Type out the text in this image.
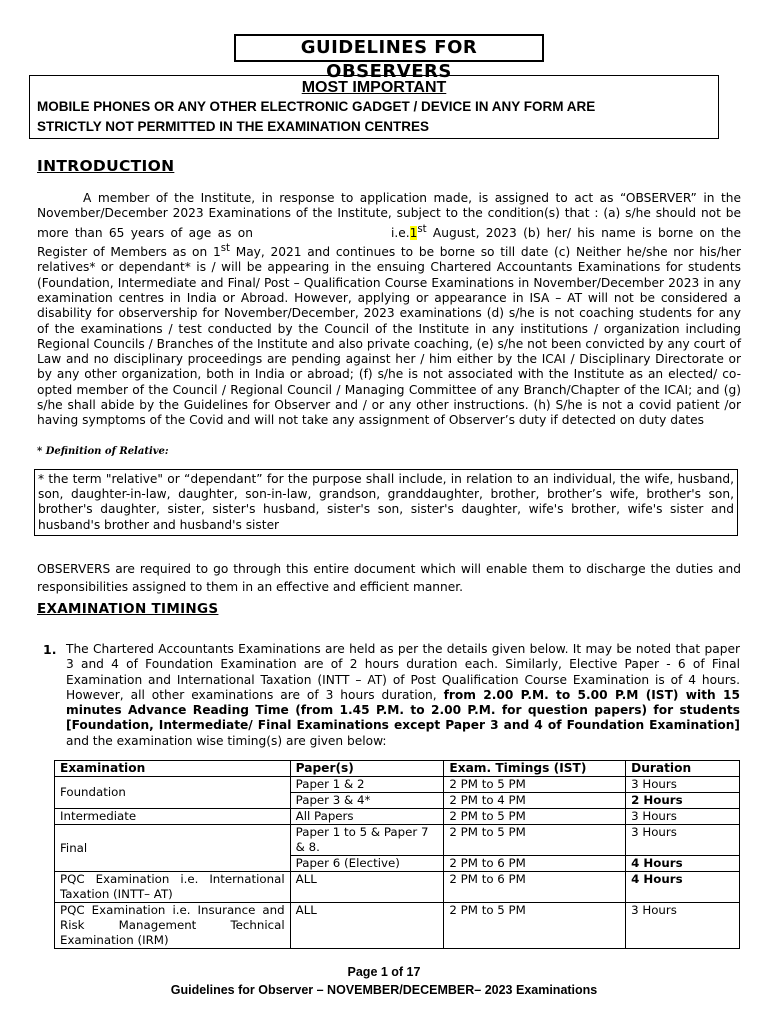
GUIDELINES FOR OBSERVERS
MOST IMPORTANT
MOBILE PHONES OR ANY OTHER ELECTRONIC GADGET / DEVICE IN ANY FORM ARE
STRICTLY NOT PERMITTED IN THE EXAMINATION CENTRES
INTRODUCTION
A member of the Institute, in response to application made, is assigned to act as “OBSERVER” in the November/December 2023 Examinations of the Institute, subject to the condition(s) that : (a) s/he should not be more than 65 years of age as on	i.e.1st August, 2023 (b) her/ his name is borne on the Register of Members as on 1st May, 2021 and continues to be borne so till date (c) Neither he/she nor his/her relatives* or dependant* is / will be appearing in the ensuing Chartered Accountants Examinations for students (Foundation, Intermediate and Final/ Post – Qualification Course Examinations in November/December 2023 in any examination centres in India or Abroad. However, applying or appearance in ISA – AT will not be considered a disability for observership for November/December, 2023 examinations (d) s/he is not coaching students for any of the examinations / test conducted by the Council of the Institute in any institutions / organization including Regional Councils / Branches of the Institute and also private coaching, (e) s/he not been convicted by any court of Law and no disciplinary proceedings are pending against her / him either by the ICAI / Disciplinary Directorate or by any other organization, both in India or abroad; (f) s/he is not associated with the Institute as an elected/ co-opted member of the Council / Regional Council / Managing Committee of any Branch/Chapter of the ICAI; and (g) s/he shall abide by the Guidelines for Observer and / or any other instructions. (h) S/he is not a covid patient /or having symptoms of the Covid and will not take any assignment of Observer’s duty if detected on duty dates
* Definition of Relative:
* the term "relative" or “dependant” for the purpose shall include, in relation to an individual, the wife, husband, son, daughter-in-law, daughter, son-in-law, grandson, granddaughter, brother, brother’s wife, brother's son, brother's daughter, sister, sister's husband, sister's son, sister's daughter, wife's brother, wife's sister and husband's brother and husband's sister
OBSERVERS are required to go through this entire document which will enable them to discharge the duties and responsibilities assigned to them in an effective and efficient manner.
EXAMINATION TIMINGS
1. The Chartered Accountants Examinations are held as per the details given below. It may be noted that paper 3 and 4 of Foundation Examination are of 2 hours duration each. Similarly, Elective Paper - 6 of Final Examination and International Taxation (INTT – AT) of Post Qualification Course Examination is of 4 hours. However, all other examinations are of 3 hours duration, from 2.00 P.M. to 5.00 P.M (IST) with 15 minutes Advance Reading Time (from 1.45 P.M. to 2.00 P.M. for question papers) for students [Foundation, Intermediate/ Final Examinations except Paper 3 and 4 of Foundation Examination] and the examination wise timing(s) are given below:
Examination	Paper(s)	Exam. Timings (IST)	Duration
Foundation	Paper 1 & 2	2 PM to 5 PM	3 Hours
	Paper 3 & 4*	2 PM to 4 PM	2 Hours
Intermediate	All Papers	2 PM to 5 PM	3 Hours
Final	Paper 1 to 5 & Paper 7 & 8.	2 PM to 5 PM	3 Hours
	Paper 6 (Elective)	2 PM to 6 PM	4 Hours
PQC Examination i.e. International Taxation (INTT– AT)	ALL	2 PM to 6 PM	4 Hours
PQC Examination i.e. Insurance and Risk Management Technical Examination (IRM)	ALL	2 PM to 5 PM	3 Hours
Page 1 of 17
Guidelines for Observer – NOVEMBER/DECEMBER– 2023 Examinations
